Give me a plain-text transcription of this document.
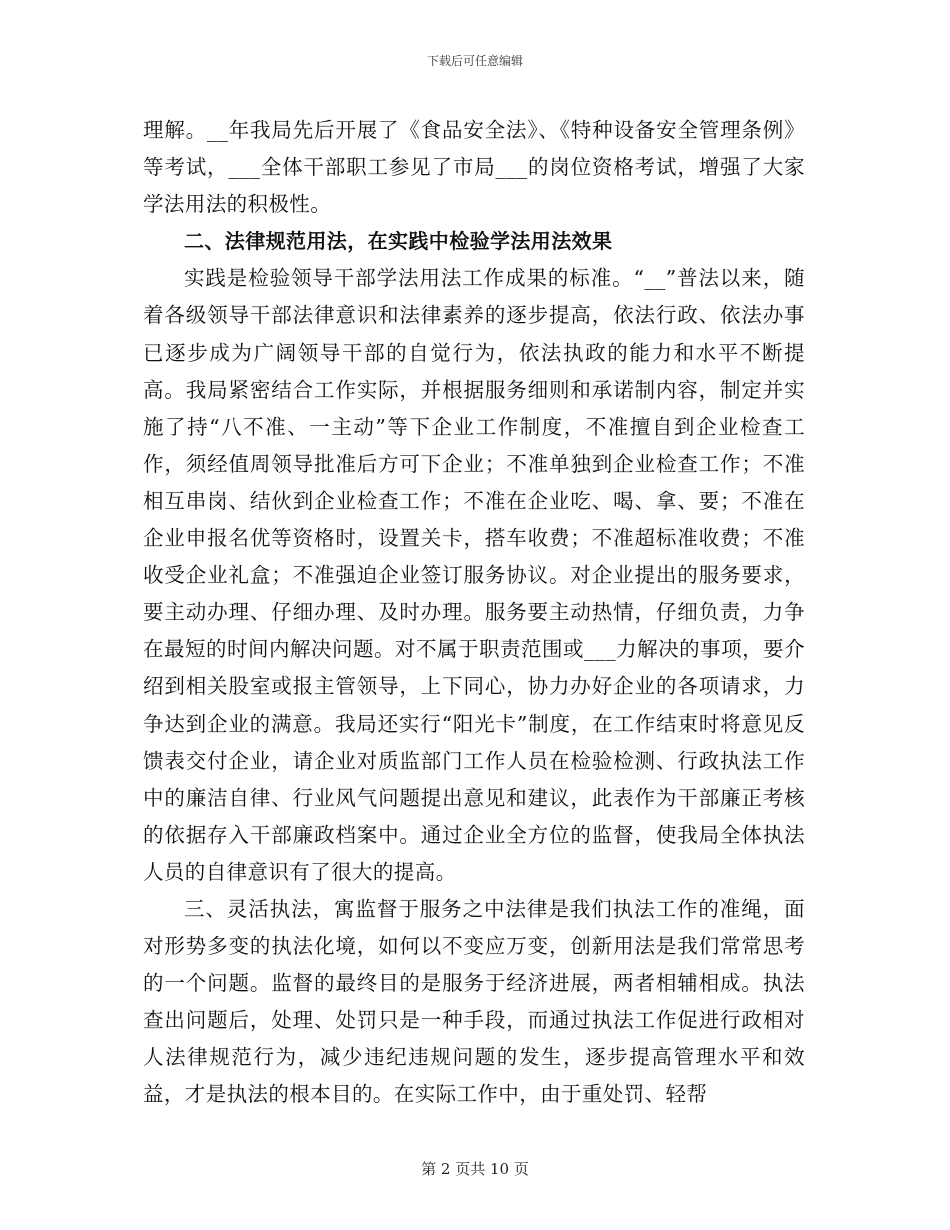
下载后可任意编辑

理解。__年我局先后开展了《食品安全法》、《特种设备安全管理条例》等考试，___全体干部职工参见了市局___的岗位资格考试，增强了大家学法用法的积极性。

二、法律规范用法，在实践中检验学法用法效果

实践是检验领导干部学法用法工作成果的标准。“__”普法以来，随着各级领导干部法律意识和法律素养的逐步提高，依法行政、依法办事已逐步成为广阔领导干部的自觉行为，依法执政的能力和水平不断提高。我局紧密结合工作实际，并根据服务细则和承诺制内容，制定并实施了持“八不准、一主动”等下企业工作制度，不准擅自到企业检查工作，须经值周领导批准后方可下企业；不准单独到企业检查工作；不准相互串岗、结伙到企业检查工作；不准在企业吃、喝、拿、要；不准在企业申报名优等资格时，设置关卡，搭车收费；不准超标准收费；不准收受企业礼盒；不准强迫企业签订服务协议。对企业提出的服务要求，要主动办理、仔细办理、及时办理。服务要主动热情，仔细负责，力争在最短的时间内解决问题。对不属于职责范围或___力解决的事项，要介绍到相关股室或报主管领导，上下同心，协力办好企业的各项请求，力争达到企业的满意。我局还实行“阳光卡”制度，在工作结束时将意见反馈表交付企业，请企业对质监部门工作人员在检验检测、行政执法工作中的廉洁自律、行业风气问题提出意见和建议，此表作为干部廉正考核的依据存入干部廉政档案中。通过企业全方位的监督，使我局全体执法人员的自律意识有了很大的提高。

三、灵活执法，寓监督于服务之中法律是我们执法工作的准绳，面对形势多变的执法化境，如何以不变应万变，创新用法是我们常常思考的一个问题。监督的最终目的是服务于经济进展，两者相辅相成。执法查出问题后，处理、处罚只是一种手段，而通过执法工作促进行政相对人法律规范行为，减少违纪违规问题的发生，逐步提高管理水平和效益，才是执法的根本目的。在实际工作中，由于重处罚、轻帮

第 2 页共 10 页
